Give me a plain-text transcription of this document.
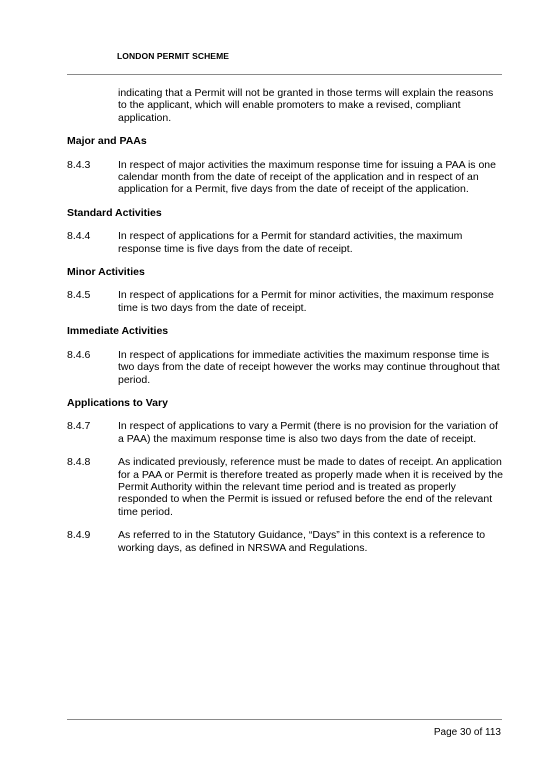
LONDON PERMIT SCHEME
indicating that a Permit will not be granted in those terms will explain the reasons to the applicant, which will enable promoters to make a revised, compliant application.
Major and PAAs
8.4.3	In respect of major activities the maximum response time for issuing a PAA is one calendar month from the date of receipt of the application and in respect of an application for a Permit, five days from the date of receipt of the application.
Standard Activities
8.4.4	In respect of applications for a Permit for standard activities, the maximum response time is five days from the date of receipt.
Minor Activities
8.4.5	In respect of applications for a Permit for minor activities, the maximum response time is two days from the date of receipt.
Immediate Activities
8.4.6	In respect of applications for immediate activities the maximum response time is two days from the date of receipt however the works may continue throughout that period.
Applications to Vary
8.4.7	In respect of applications to vary a Permit (there is no provision for the variation of a PAA) the maximum response time is also two days from the date of receipt.
8.4.8	As indicated previously, reference must be made to dates of receipt. An application for a PAA or Permit is therefore treated as properly made when it is received by the Permit Authority within the relevant time period and is treated as properly responded to when the Permit is issued or refused before the end of the relevant time period.
8.4.9	As referred to in the Statutory Guidance, “Days” in this context is a reference to working days, as defined in NRSWA and Regulations.
Page 30 of 113
